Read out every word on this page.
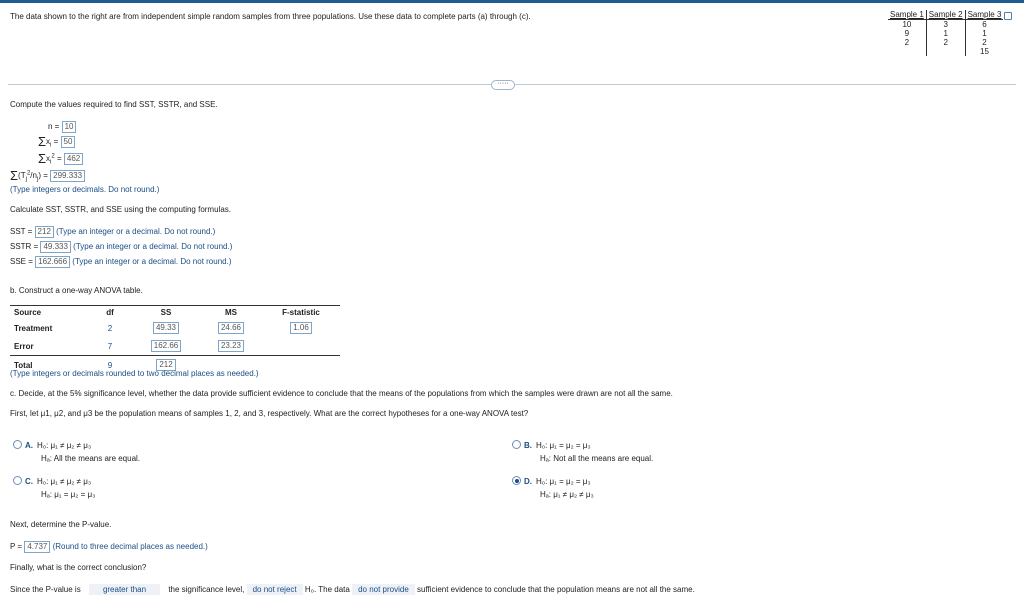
The data shown to the right are from independent simple random samples from three populations. Use these data to complete parts (a) through (c).	Sample 1	Sample 2	Sample 3
10	3	6
9	1	1
2	2	2
		15
·····
Compute the values required to find SST, SSTR, and SSE.
n = 10
$\Sigma x_i = 50$
$\Sigma x_i^2 = 462$
$\Sigma(T_j^2/n_j) = 299.333$
(Type integers or decimals. Do not round.)
Calculate SST, SSTR, and SSE using the computing formulas.
SST = 212 (Type an integer or a decimal. Do not round.)
SSTR = 49.333 (Type an integer or a decimal. Do not round.)
SSE = 162.666 (Type an integer or a decimal. Do not round.)
b. Construct a one-way ANOVA table.
Source	df	SS	MS	F-statistic
Treatment	2	49.33	24.66	1.06
Error	7	162.66	23.23	
Total	9	212		
(Type integers or decimals rounded to two decimal places as needed.)
c. Decide, at the 5% significance level, whether the data provide sufficient evidence to conclude that the means of the populations from which the samples were drawn are not all the same.
First, let μ1, μ2, and μ3 be the population means of samples 1, 2, and 3, respectively. What are the correct hypotheses for a one-way ANOVA test?
A. H₀: μ₁ ≠ μ₂ ≠ μ₃
Hₐ: All the means are equal.
B. H₀: μ₁ = μ₂ = μ₃
Hₐ: Not all the means are equal.
C. H₀: μ₁ ≠ μ₂ ≠ μ₃
Hₐ: μ₁ = μ₂ = μ₃
D. H₀: μ₁ = μ₂ = μ₃
Hₐ: μ₁ ≠ μ₂ ≠ μ₃
Next, determine the P-value.
P = 4.737 (Round to three decimal places as needed.)
Finally, what is the correct conclusion?
Since the P-value is	greater than	the significance level, do not reject H₀. The data do not provide sufficient evidence to conclude that the population means are not all the same.
